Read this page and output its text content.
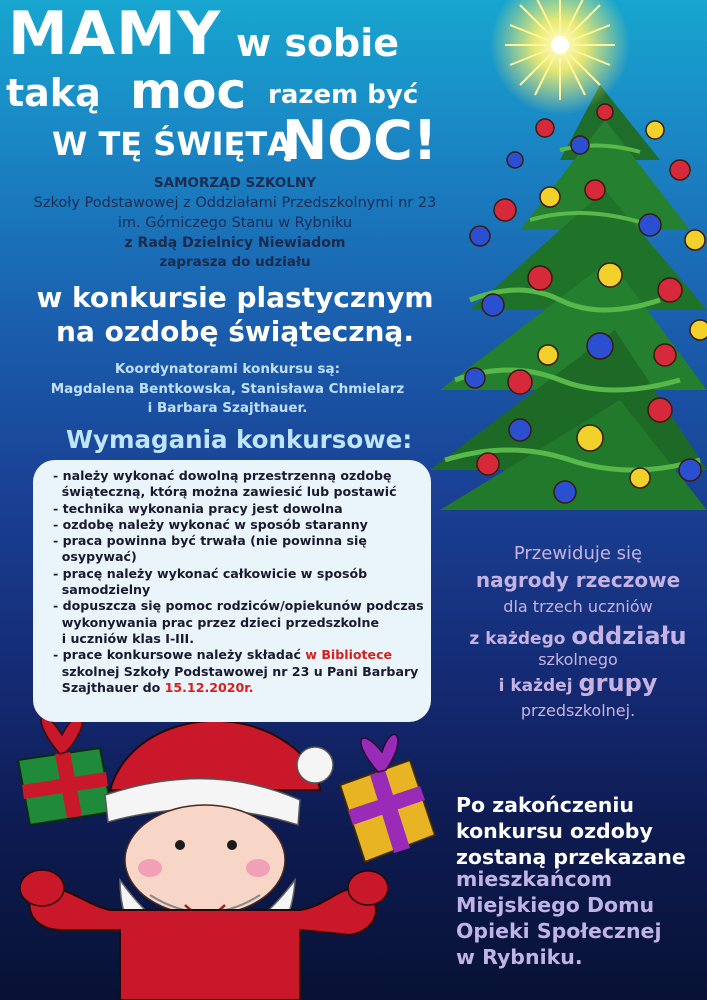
MAMY w sobie
taką moc razem być
W TĘ ŚWIĘTĄ
NOC!
SAMORZĄD SZKOLNY
Szkoły Podstawowej z Oddziałami Przedszkolnymi nr 23
im. Górniczego Stanu w Rybniku
z Radą Dzielnicy Niewiadom
zaprasza do udziału
w konkursie plastycznym
na ozdobę świąteczną.
Koordynatorami konkursu są:
Magdalena Bentkowska, Stanisława Chmielarz
i Barbara Szajthauer.
Wymagania konkursowe:
- należy wykonać dowolną przestrzenną ozdobę
świąteczną, którą można zawiesić lub postawić
- technika wykonania pracy jest dowolna
- ozdobę należy wykonać w sposób staranny
- praca powinna być trwała (nie powinna się
osypywać)
- pracę należy wykonać całkowicie w sposób
samodzielny
- dopuszcza się pomoc rodziców/opiekunów podczas
wykonywania prac przez dzieci przedszkolne
i uczniów klas I-III.
- prace konkursowe należy składać w Bibliotece
szkolnej Szkoły Podstawowej nr 23 u Pani Barbary
Szajthauer do 15.12.2020r.
Przewiduje się
nagrody rzeczowe
dla trzech uczniów
z każdego oddziału
szkolnego
i każdej grupy
przedszkolnej.
Po zakończeniu
konkursu ozdoby
zostaną przekazane
mieszkańcom
Miejskiego Domu
Opieki Społecznej
w Rybniku.
